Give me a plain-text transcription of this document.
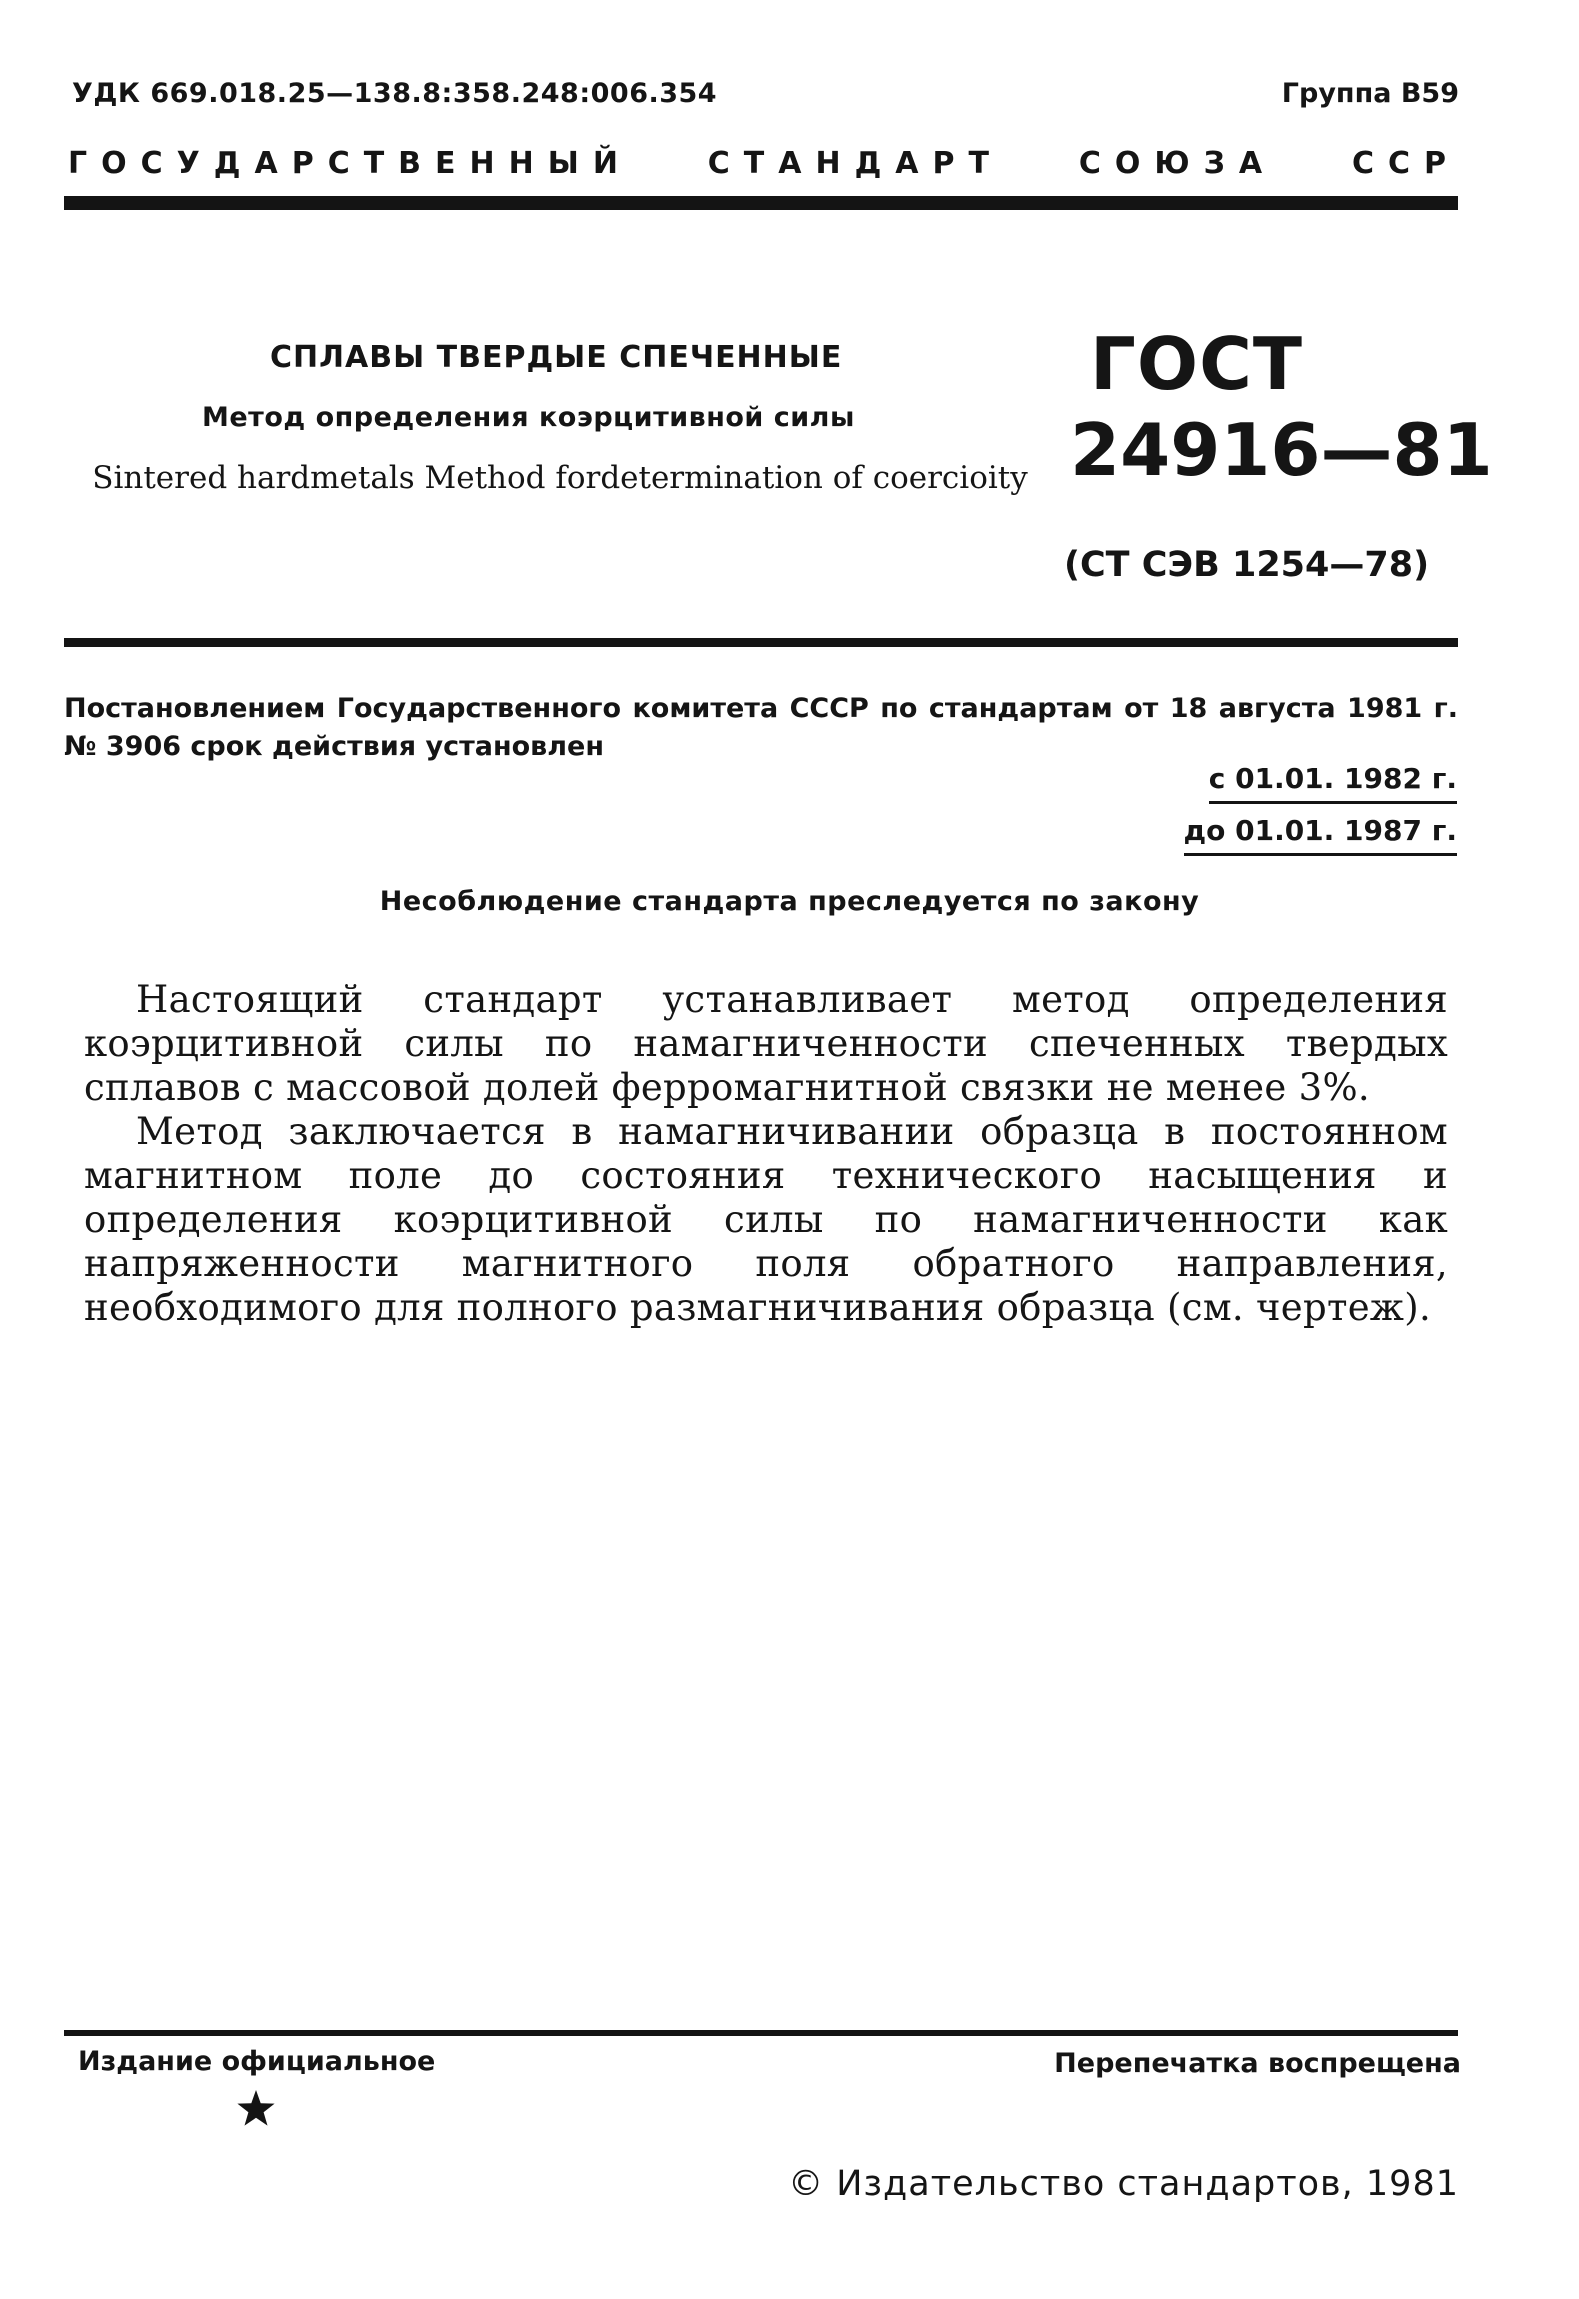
УДК 669.018.25—138.8:358.248:006.354	Группа В59
ГОСУДАРСТВЕННЫЙ	СТАНДАРТ	СОЮЗА	ССР
СПЛАВЫ ТВЕРДЫЕ СПЕЧЕННЫЕ
Метод определения коэрцитивной силы
Sintered hardmetals Method fordetermination of coercioity
ГОСТ
24916—81
(СТ СЭВ 1254—78)
Постановлением Государственного комитета СССР по стандартам от 18 августа 1981 г. № 3906 срок действия установлен
с 01.01. 1982 г.
до 01.01. 1987 г.
Несоблюдение стандарта преследуется по закону

Настоящий стандарт устанавливает метод определения коэрцитивной силы по намагниченности спеченных твердых сплавов с массовой долей ферромагнитной связки не менее 3%.

Метод заключается в намагничивании образца в постоянном магнитном поле до состояния технического насыщения и определения коэрцитивной силы по намагниченности как напряженности магнитного поля обратного направления, необходимого для полного размагничивания образца (см. чертеж).

Издание официальное	Перепечатка воспрещена
© Издательство стандартов, 1981
